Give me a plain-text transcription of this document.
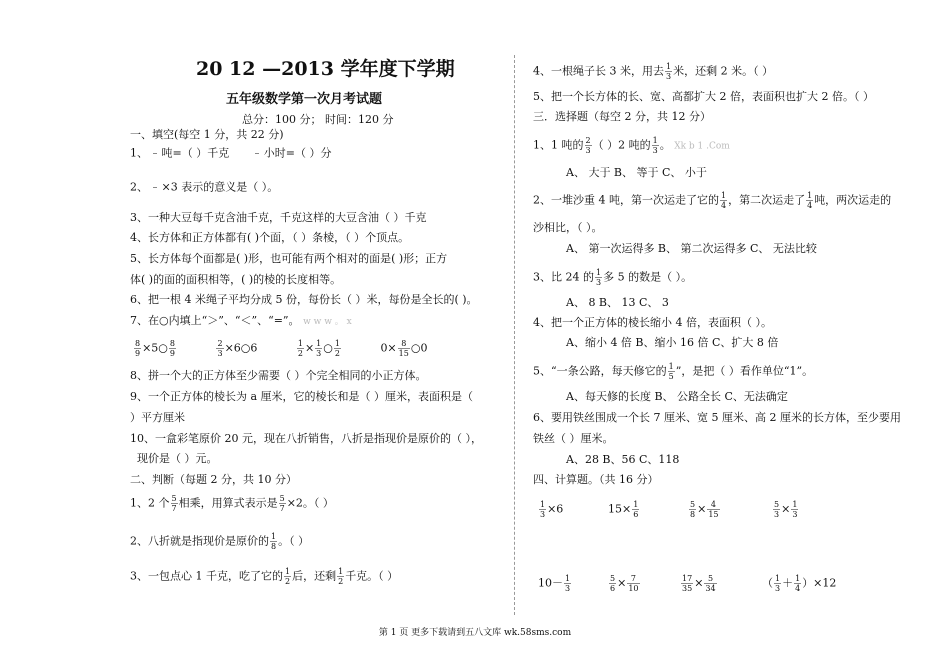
20 12 —2013 学年度下学期
五年级数学第一次月考试题
总分：100 分； 时间：120 分
一、填空(每空 1 分，共 22 分)
1、

吨=（ ）千克

	小时=（ ）分
2、

×3 表示的意义是（ ）。
3、一种大豆每千克含油千克，千克这样的大豆含油（ ）千克
4、长方体和正方体都有( )个面，（ ）条棱，（ ）个顶点。
5、长方体每个面都是( )形，也可能有两个相对的面是( )形；正方
体( )的面的面积相等，( )的棱的长度相等。
6、把一根 4 米绳子平均分成 5 份，每份长（ ）米，每份是全长的( )。
7、在○内填上“＞”、“＜”、“=”。 w w w 。 x
$\frac{8}{9}$ ×5○ $\frac{8}{9}$
	$\frac{2}{3}$ ×6○6	$\frac{1}{2} \times \frac{1}{3}$ ○ $\frac{1}{2}$	$0\times \frac{8}{15}$ ○0
8、拼一个大的正方体至少需要（ ）个完全相同的小正方体。
9、一个正方体的棱长为 a 厘米，它的棱长和是（ ）厘米，表面积是（
）平方厘米
10、一盒彩笔原价 20 元，现在八折销售，八折是指现价是原价的（ ），
现价是（ ）元。
二、判断（每题 2 分，共 10 分）
1、2 个 $\frac{5}{7}$ 相乘，用算式表示是 $\frac{5}{7} \times 2$。（ ）
2、八折就是指现价是原价的 $\frac{1}{8}$ 。（ ）
3、一包点心 1 千克，吃了它的 $\frac{1}{2}$ 后，还剩 $\frac{1}{2}$ 千克。（ ）
4、一根绳子长 3 米，用去 $\frac{1}{3}$ 米，还剩 2 米。（ ）
5、把一个长方体的长、宽、高都扩大 2 倍，表面积也扩大 2 倍。（ ）
三．选择题（每空 2 分，共 12 分）
1、1 吨的 $\frac{2}{3}$ （ ）2 吨的 $\frac{1}{3}$ 。 Xk b 1 .Com
A、 大于 B、 等于 C、 小于
2、一堆沙重 4 吨，第一次运走了它的 $\frac{1}{4}$ ，第二次运走了 $\frac{1}{4}$ 吨，两次运走的
沙相比，（ ）。
A、 第一次运得多 B、 第二次运得多 C、 无法比较
3、比 24 的 $\frac{1}{3}$ 多 5 的数是（ ）。
A、 8 B、 13 C、 3
4、把一个正方体的棱长缩小 4 倍，表面积（ ）。
A、缩小 4 倍 B、缩小 16 倍 C、扩大 8 倍
5、“一条公路，每天修它的 $\frac{1}{5}$ ”，是把（ ）看作单位“1”。
A、每天修的长度 B、 公路全长 C、无法确定
6、要用铁丝围成一个长 7 厘米、宽 5 厘米、高 2 厘米的长方体，至少要用
铁丝（ ）厘米。
A、28 B、56 C、118
四、计算题。（共 16 分）
$\frac{1}{3} \times 6$	$15\times \frac{1}{6}$	$\frac{5}{8} \times \frac{4}{15}$	$\frac{5}{3} \times \frac{1}{3}$
$10- \frac{1}{3}$	$\frac{5}{6} \times \frac{7}{10}$	$\frac{17}{35} \times \frac{5}{34}$	（ $\frac{1}{3} + \frac{1}{4} )\times 12$
第 1 页 更多下载请到五八文库 wk.58sms.com
